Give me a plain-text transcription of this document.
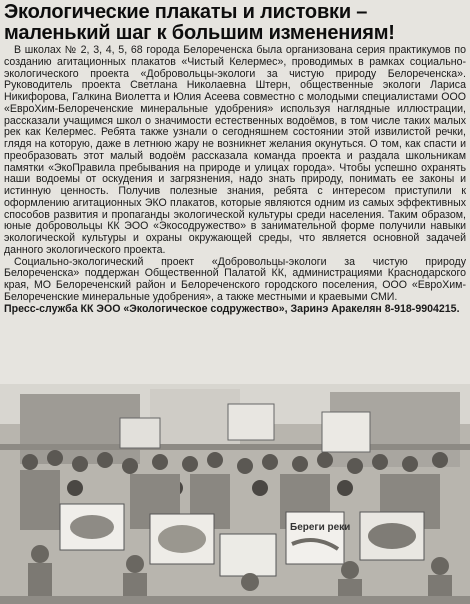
Экологические плакаты и листовки – маленький шаг к большим изменениям!

В школах № 2, 3, 4, 5, 68 города Белореченска была организована серия практикумов по созданию агитационных плакатов «Чистый Келермес», проводимых в рамках социально-экологического проекта «Добровольцы-экологи за чистую природу Белореченска». Руководитель проекта Светлана Николаевна Штерн, общественные экологи Лариса Никифорова, Галкина Виолетта и Юлия Асеева совместно с молодыми специалистами ООО «ЕвроХим-Белореченские минеральные удобрения» используя наглядные иллюстрации, рассказали учащимся школ о значимости естественных водоёмов, в том числе таких малых рек как Келермес. Ребята также узнали о сегодняшнем состоянии этой извилистой речки, глядя на которую, даже в летнюю жару не возникнет желания окунуться. О том, как спасти и преобразовать этот малый водоём рассказала команда проекта и раздала школьникам памятки «ЭкоПравила пребывания на природе и улицах города». Чтобы успешно охранять наши водоемы от оскудения и загрязнения, надо знать природу, понимать ее законы и истинную ценность. Получив полезные знания, ребята с интересом приступили к оформлению агитационных ЭКО плакатов, которые являются одним из самых эффективных способов развития и пропаганды экологической культуры среди населения. Таким образом, юные добровольцы КК ЭОО «Экосодружество» в занимательной форме получили навыки экологической культуры и охраны окружающей среды, что является основной задачей данного экологического проекта.

Социально-экологический проект «Добровольцы-экологи за чистую природу Белореченска» поддержан Общественной Палатой КК, администрациями Краснодарского края, МО Белореченский район и Белореченского городского поселения, ООО «ЕвроХим-Белореченские минеральные удобрения», а также местными и краевыми СМИ.

Пресс-служба КК ЭОО «Экологическое содружество», Заринэ Аракелян 8-918-9904215.

Береги реки
